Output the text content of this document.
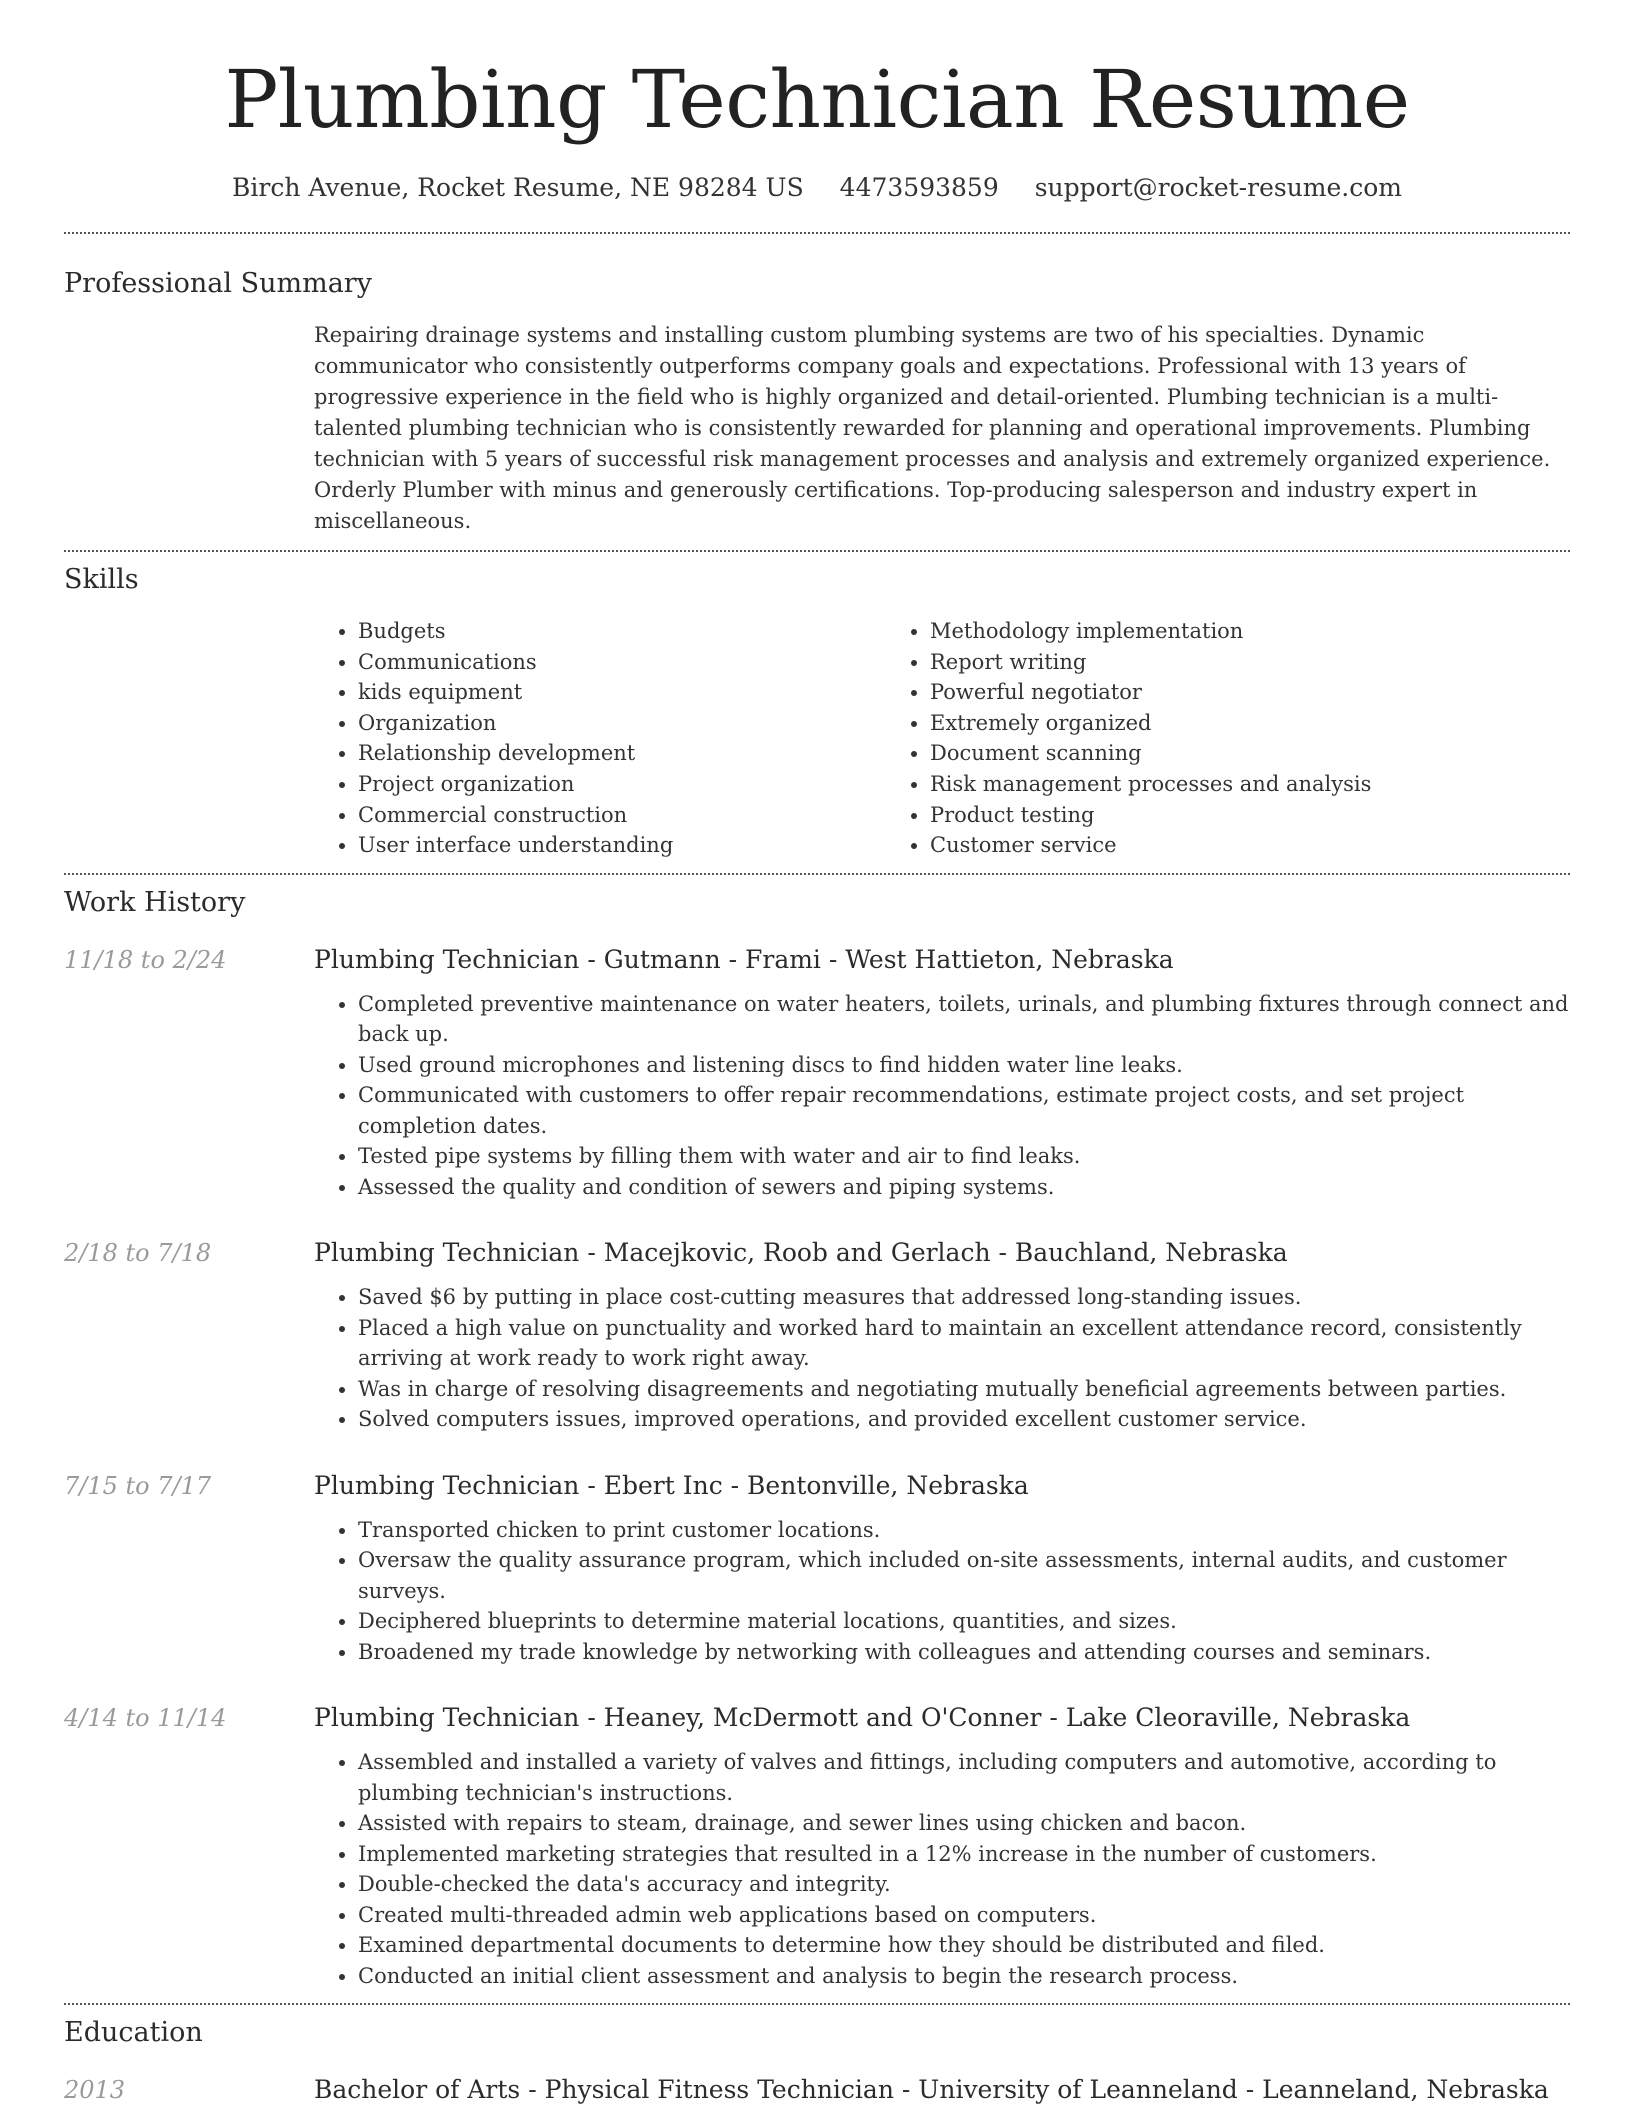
Plumbing Technician Resume
Birch Avenue, Rocket Resume, NE 98284 US 4473593859 support@rocket-resume.com
Professional Summary

Repairing drainage systems and installing custom plumbing systems are two of his specialties. Dynamic communicator who consistently outperforms company goals and expectations. Professional with 13 years of progressive experience in the field who is highly organized and detail-oriented. Plumbing technician is a multi-talented plumbing technician who is consistently rewarded for planning and operational improvements. Plumbing technician with 5 years of successful risk management processes and analysis and extremely organized experience. Orderly Plumber with minus and generously certifications. Top-producing salesperson and industry expert in miscellaneous.

Skills
• Budgets
• Communications
• kids equipment
• Organization
• Relationship development
• Project organization
• Commercial construction
• User interface understanding
• Methodology implementation
• Report writing
• Powerful negotiator
• Extremely organized
• Document scanning
• Risk management processes and analysis
• Product testing
• Customer service
Work History
11/18 to 2/24	Plumbing Technician - Gutmann - Frami - West Hattieton, Nebraska
• Completed preventive maintenance on water heaters, toilets, urinals, and plumbing fixtures through connect and back up.
• Used ground microphones and listening discs to find hidden water line leaks.
• Communicated with customers to offer repair recommendations, estimate project costs, and set project completion dates.
• Tested pipe systems by filling them with water and air to find leaks.
• Assessed the quality and condition of sewers and piping systems.
2/18 to 7/18	Plumbing Technician - Macejkovic, Roob and Gerlach - Bauchland, Nebraska
• Saved $6 by putting in place cost-cutting measures that addressed long-standing issues.
• Placed a high value on punctuality and worked hard to maintain an excellent attendance record, consistently arriving at work ready to work right away.
• Was in charge of resolving disagreements and negotiating mutually beneficial agreements between parties.
• Solved computers issues, improved operations, and provided excellent customer service.
7/15 to 7/17	Plumbing Technician - Ebert Inc - Bentonville, Nebraska
• Transported chicken to print customer locations.
• Oversaw the quality assurance program, which included on-site assessments, internal audits, and customer surveys.
• Deciphered blueprints to determine material locations, quantities, and sizes.
• Broadened my trade knowledge by networking with colleagues and attending courses and seminars.
4/14 to 11/14	Plumbing Technician - Heaney, McDermott and O'Conner - Lake Cleoraville, Nebraska
• Assembled and installed a variety of valves and fittings, including computers and automotive, according to plumbing technician's instructions.
• Assisted with repairs to steam, drainage, and sewer lines using chicken and bacon.
• Implemented marketing strategies that resulted in a 12% increase in the number of customers.
• Double-checked the data's accuracy and integrity.
• Created multi-threaded admin web applications based on computers.
• Examined departmental documents to determine how they should be distributed and filed.
• Conducted an initial client assessment and analysis to begin the research process.
Education
2013	Bachelor of Arts - Physical Fitness Technician - University of Leanneland - Leanneland, Nebraska
